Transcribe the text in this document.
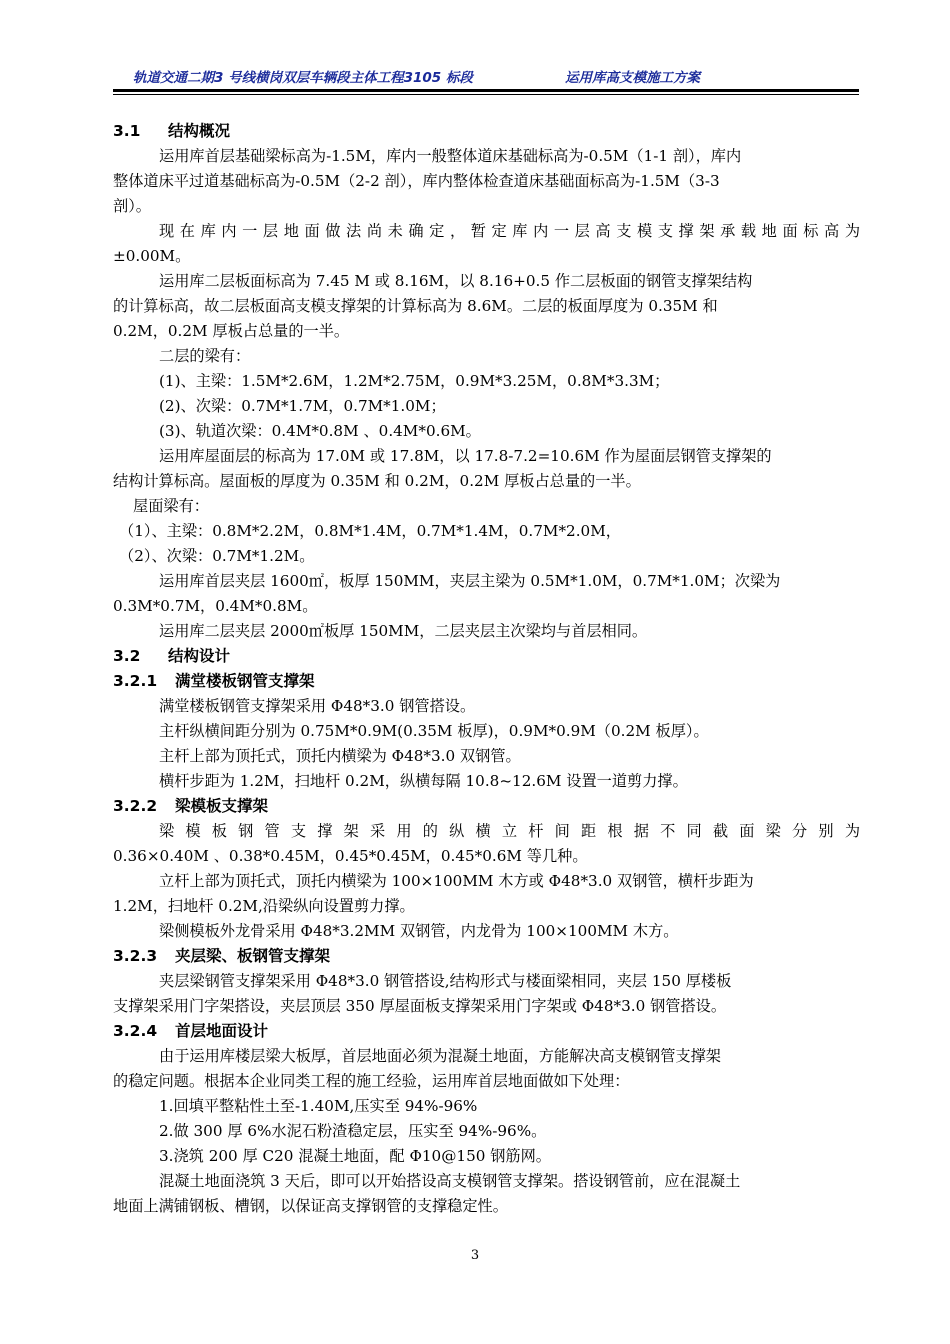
轨道交通二期3 号线横岗双层车辆段主体工程3105 标段	运用库高支模施工方案
3.1 结构概况
运用库首层基础梁标高为-1.5M，库内一般整体道床基础标高为-0.5M（1-1 剖），库内
整体道床平过道基础标高为-0.5M（2-2 剖），库内整体检查道床基础面标高为-1.5M（3-3
剖）。
现在库内一层地面做法尚未确定，暂定库内一层高支模支撑架承载地面标高为
±0.00M。
运用库二层板面标高为 7.45 M 或 8.16M，以 8.16+0.5 作二层板面的钢管支撑架结构
的计算标高，故二层板面高支模支撑架的计算标高为 8.6M。二层的板面厚度为 0.35M 和
0.2M，0.2M 厚板占总量的一半。
二层的梁有：
(1)、主梁：1.5M*2.6M，1.2M*2.75M，0.9M*3.25M，0.8M*3.3M；
(2)、次梁：0.7M*1.7M，0.7M*1.0M；
(3)、轨道次梁：0.4M*0.8M 、0.4M*0.6M。
运用库屋面层的标高为 17.0M 或 17.8M，以 17.8-7.2=10.6M 作为屋面层钢管支撑架的
结构计算标高。屋面板的厚度为 0.35M 和 0.2M，0.2M 厚板占总量的一半。
屋面梁有：
（1）、主梁：0.8M*2.2M，0.8M*1.4M，0.7M*1.4M，0.7M*2.0M，
（2）、次梁：0.7M*1.2M。
运用库首层夹层 1600㎡，板厚 150MM，夹层主梁为 0.5M*1.0M，0.7M*1.0M；次梁为
0.3M*0.7M，0.4M*0.8M。
运用库二层夹层 2000㎡板厚 150MM，二层夹层主次梁均与首层相同。
3.2 结构设计
3.2.1 满堂楼板钢管支撑架
满堂楼板钢管支撑架采用 Φ48*3.0 钢管搭设。
主杆纵横间距分别为 0.75M*0.9M(0.35M 板厚)，0.9M*0.9M（0.2M 板厚）。
主杆上部为顶托式，顶托内横梁为 Φ48*3.0 双钢管。
横杆步距为 1.2M，扫地杆 0.2M，纵横每隔 10.8~12.6M 设置一道剪力撑。
3.2.2 梁模板支撑架
梁模板钢管支撑架采用的纵横立杆间距根据不同截面梁分别为
0.36×0.40M 、0.38*0.45M，0.45*0.45M，0.45*0.6M 等几种。
立杆上部为顶托式，顶托内横梁为 100×100MM 木方或 Φ48*3.0 双钢管，横杆步距为
1.2M，扫地杆 0.2M,沿梁纵向设置剪力撑。
梁侧模板外龙骨采用 Φ48*3.2MM 双钢管，内龙骨为 100×100MM 木方。
3.2.3 夹层梁、板钢管支撑架
夹层梁钢管支撑架采用 Φ48*3.0 钢管搭设,结构形式与楼面梁相同，夹层 150 厚楼板
支撑架采用门字架搭设，夹层顶层 350 厚屋面板支撑架采用门字架或 Φ48*3.0 钢管搭设。
3.2.4 首层地面设计
由于运用库楼层梁大板厚，首层地面必须为混凝土地面，方能解决高支模钢管支撑架
的稳定问题。根据本企业同类工程的施工经验，运用库首层地面做如下处理：
1.回填平整粘性土至-1.40M,压实至 94%-96%
2.做 300 厚 6%水泥石粉渣稳定层，压实至 94%-96%。
3.浇筑 200 厚 C20 混凝土地面，配 Φ10@150 钢筋网。
混凝土地面浇筑 3 天后，即可以开始搭设高支模钢管支撑架。搭设钢管前，应在混凝土
地面上满铺钢板、槽钢，以保证高支撑钢管的支撑稳定性。
3
